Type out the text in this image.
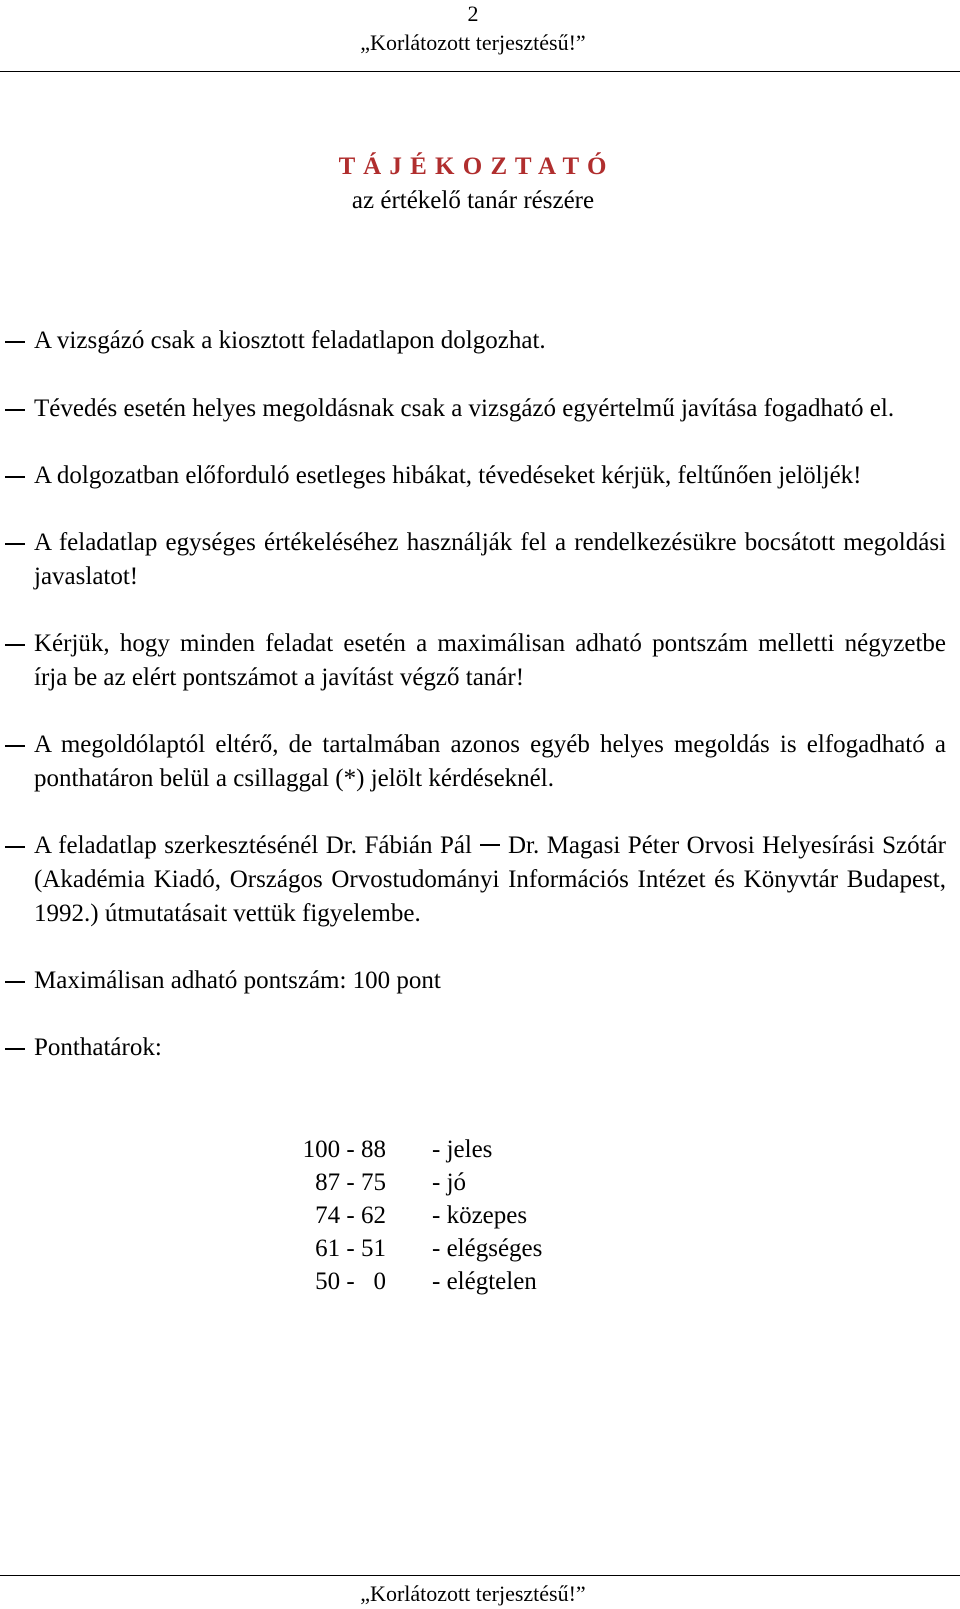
2
„Korlátozott terjesztésű!”
T Á J É K O Z T A T Ó
az értékelő tanár részére
A vizsgázó csak a kiosztott feladatlapon dolgozhat.
Tévedés esetén helyes megoldásnak csak a vizsgázó egyértelmű javítása fogadható el.
A dolgozatban előforduló esetleges hibákat, tévedéseket kérjük, feltűnően jelöljék!
A feladatlap egységes értékeléséhez használják fel a rendelkezésükre bocsátott megoldási javaslatot!
Kérjük, hogy minden feladat esetén a maximálisan adható pontszám melletti négyzetbe írja be az elért pontszámot a javítást végző tanár!
A megoldólaptól eltérő, de tartalmában azonos egyéb helyes megoldás is elfogadható a ponthatáron belül a csillaggal (*) jelölt kérdéseknél.
A feladatlap szerkesztésénél Dr. Fábián Pál Dr. Magasi Péter Orvosi Helyesírási Szótár (Akadémia Kiadó, Országos Orvostudományi Információs Intézet és Könyvtár Budapest, 1992.) útmutatásait vettük figyelembe.
Maximálisan adható pontszám: 100 pont
Ponthatárok:
100 - 88 - jeles
87 - 75 - jó
74 - 62 - közepes
61 - 51 - elégséges
50 -   0 - elégtelen
„Korlátozott terjesztésű!”
